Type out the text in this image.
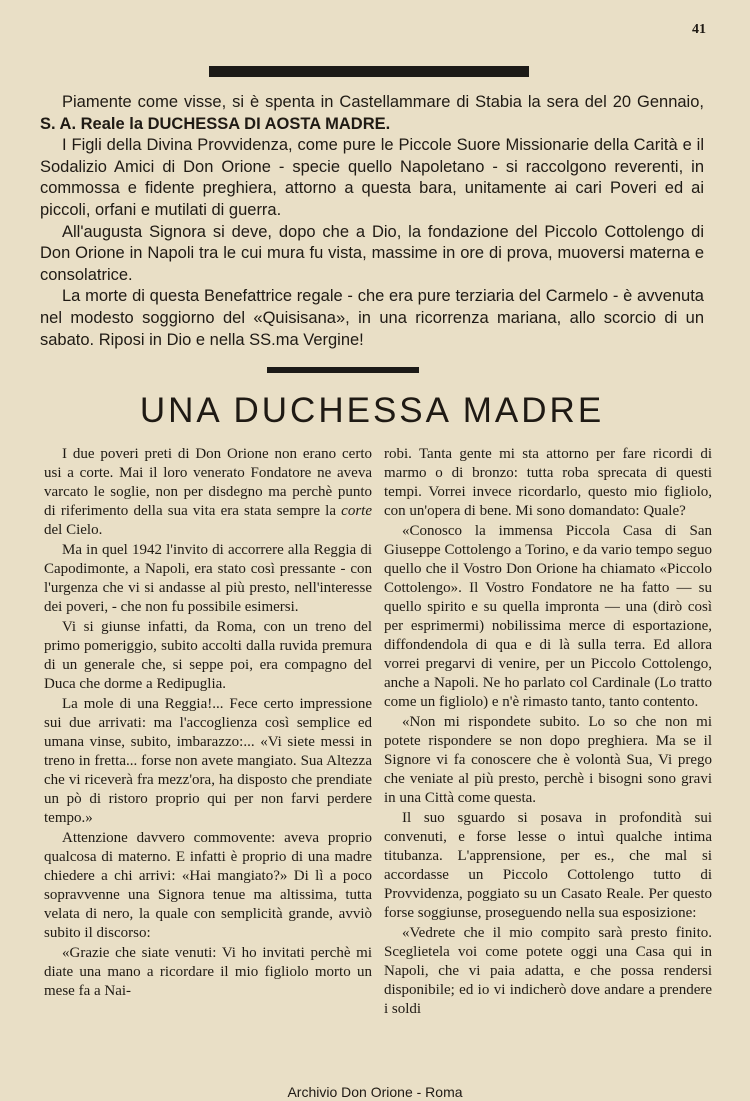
41

Piamente come visse, si è spenta in Castellammare di Stabia la sera del 20 Gennaio, S. A. Reale la DUCHESSA DI AOSTA MADRE.

I Figli della Divina Provvidenza, come pure le Piccole Suore Missionarie della Carità e il Sodalizio Amici di Don Orione - specie quello Napoletano - si raccolgono reverenti, in commossa e fidente preghiera, attorno a questa bara, unitamente ai cari Poveri ed ai piccoli, orfani e mutilati di guerra.

All'augusta Signora si deve, dopo che a Dio, la fondazione del Piccolo Cottolengo di Don Orione in Napoli tra le cui mura fu vista, massime in ore di prova, muoversi materna e consolatrice.

La morte di questa Benefattrice regale - che era pure terziaria del Carmelo - è avvenuta nel modesto soggiorno del «Quisisana», in una ricorrenza mariana, allo scorcio di un sabato. Riposi in Dio e nella SS.ma Vergine!

UNA DUCHESSA MADRE

I due poveri preti di Don Orione non erano certo usi a corte. Mai il loro venerato Fondatore ne aveva varcato le soglie, non per disdegno ma perchè punto di riferimento della sua vita era stata sempre la corte del Cielo.

Ma in quel 1942 l'invito di accorrere alla Reggia di Capodimonte, a Napoli, era stato così pressante - con l'urgenza che vi si andasse al più presto, nell'interesse dei poveri, - che non fu possibile esimersi.

Vi si giunse infatti, da Roma, con un treno del primo pomeriggio, subito accolti dalla ruvida premura di un generale che, si seppe poi, era compagno del Duca che dorme a Redipuglia.

La mole di una Reggia!... Fece certo impressione sui due arrivati: ma l'accoglienza così semplice ed umana vinse, subito, imbarazzo:... «Vi siete messi in treno in fretta... forse non avete mangiato. Sua Altezza che vi riceverà fra mezz'ora, ha disposto che prendiate un pò di ristoro proprio qui per non farvi perdere tempo.»

Attenzione davvero commovente: aveva proprio qualcosa di materno. E infatti è proprio di una madre chiedere a chi arrivi: «Hai mangiato?» Di lì a poco sopravvenne una Signora tenue ma altissima, tutta velata di nero, la quale con semplicità grande, avviò subito il discorso:

«Grazie che siate venuti: Vi ho invitati perchè mi diate una mano a ricordare il mio figliolo morto un mese fa a Nai-

robi. Tanta gente mi sta attorno per fare ricordi di marmo o di bronzo: tutta roba sprecata di questi tempi. Vorrei invece ricordarlo, questo mio figliolo, con un'opera di bene. Mi sono domandato: Quale?

«Conosco la immensa Piccola Casa di San Giuseppe Cottolengo a Torino, e da vario tempo seguo quello che il Vostro Don Orione ha chiamato «Piccolo Cottolengo». Il Vostro Fondatore ne ha fatto — su quello spirito e su quella impronta — una (dirò così per esprimermi) nobilissima merce di esportazione, diffondendola di qua e di là sulla terra. Ed allora vorrei pregarvi di venire, per un Piccolo Cottolengo, anche a Napoli. Ne ho parlato col Cardinale (Lo tratto come un figliolo) e n'è rimasto tanto, tanto contento.

«Non mi rispondete subito. Lo so che non mi potete rispondere se non dopo preghiera. Ma se il Signore vi fa conoscere che è volontà Sua, Vi prego che veniate al più presto, perchè i bisogni sono gravi in una Città come questa.

Il suo sguardo si posava in profondità sui convenuti, e forse lesse o intuì qualche intima titubanza. L'apprensione, per es., che mal si accordasse un Piccolo Cottolengo tutto di Provvidenza, poggiato su un Casato Reale. Per questo forse soggiunse, proseguendo nella sua esposizione:

«Vedrete che il mio compito sarà presto finito. Sceglietela voi come potete oggi una Casa qui in Napoli, che vi paia adatta, e che possa rendersi disponibile; ed io vi indicherò dove andare a prendere i soldi

Archivio Don Orione - Roma
